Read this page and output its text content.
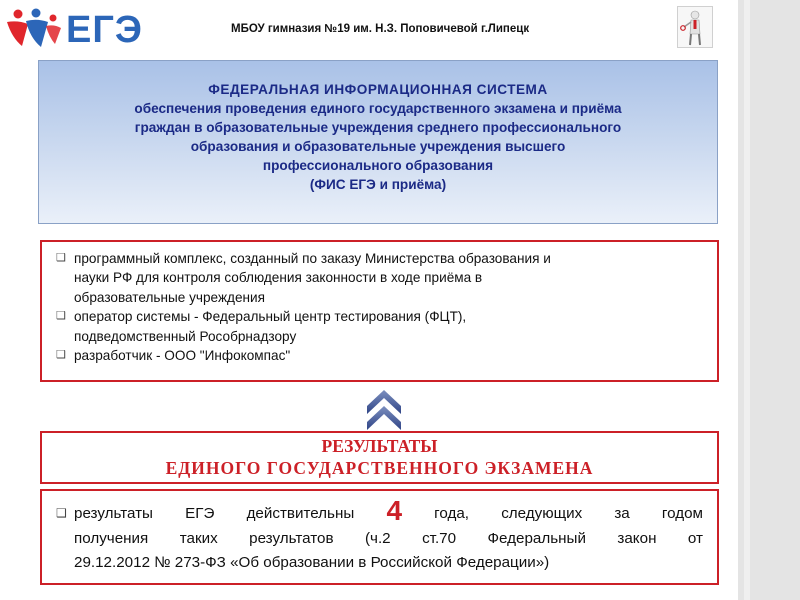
ЕГЭ	МБОУ гимназия №19 им. Н.З. Поповичевой г.Липецк
ФЕДЕРАЛЬНАЯ ИНФОРМАЦИОННАЯ СИСТЕМА
обеспечения проведения единого государственного экзамена и приёма
граждан в образовательные учреждения среднего профессионального
образования и образовательные учреждения высшего
профессионального образования
(ФИС ЕГЭ и приёма)
❑ программный комплекс, созданный по заказу Министерства образования и
науки РФ для контроля соблюдения законности в ходе приёма в
образовательные учреждения
❑ оператор системы - Федеральный центр тестирования (ФЦТ),
подведомственный Рособрнадзору
❑ разработчик - ООО "Инфокомпас"
РЕЗУЛЬТАТЫ
ЕДИНОГО ГОСУДАРСТВЕННОГО ЭКЗАМЕНА
❑ результаты ЕГЭ действительны 4 года, следующих за годом
получения таких результатов (ч.2 ст.70 Федеральный закон от
29.12.2012 № 273-ФЗ «Об образовании в Российской Федерации»)
